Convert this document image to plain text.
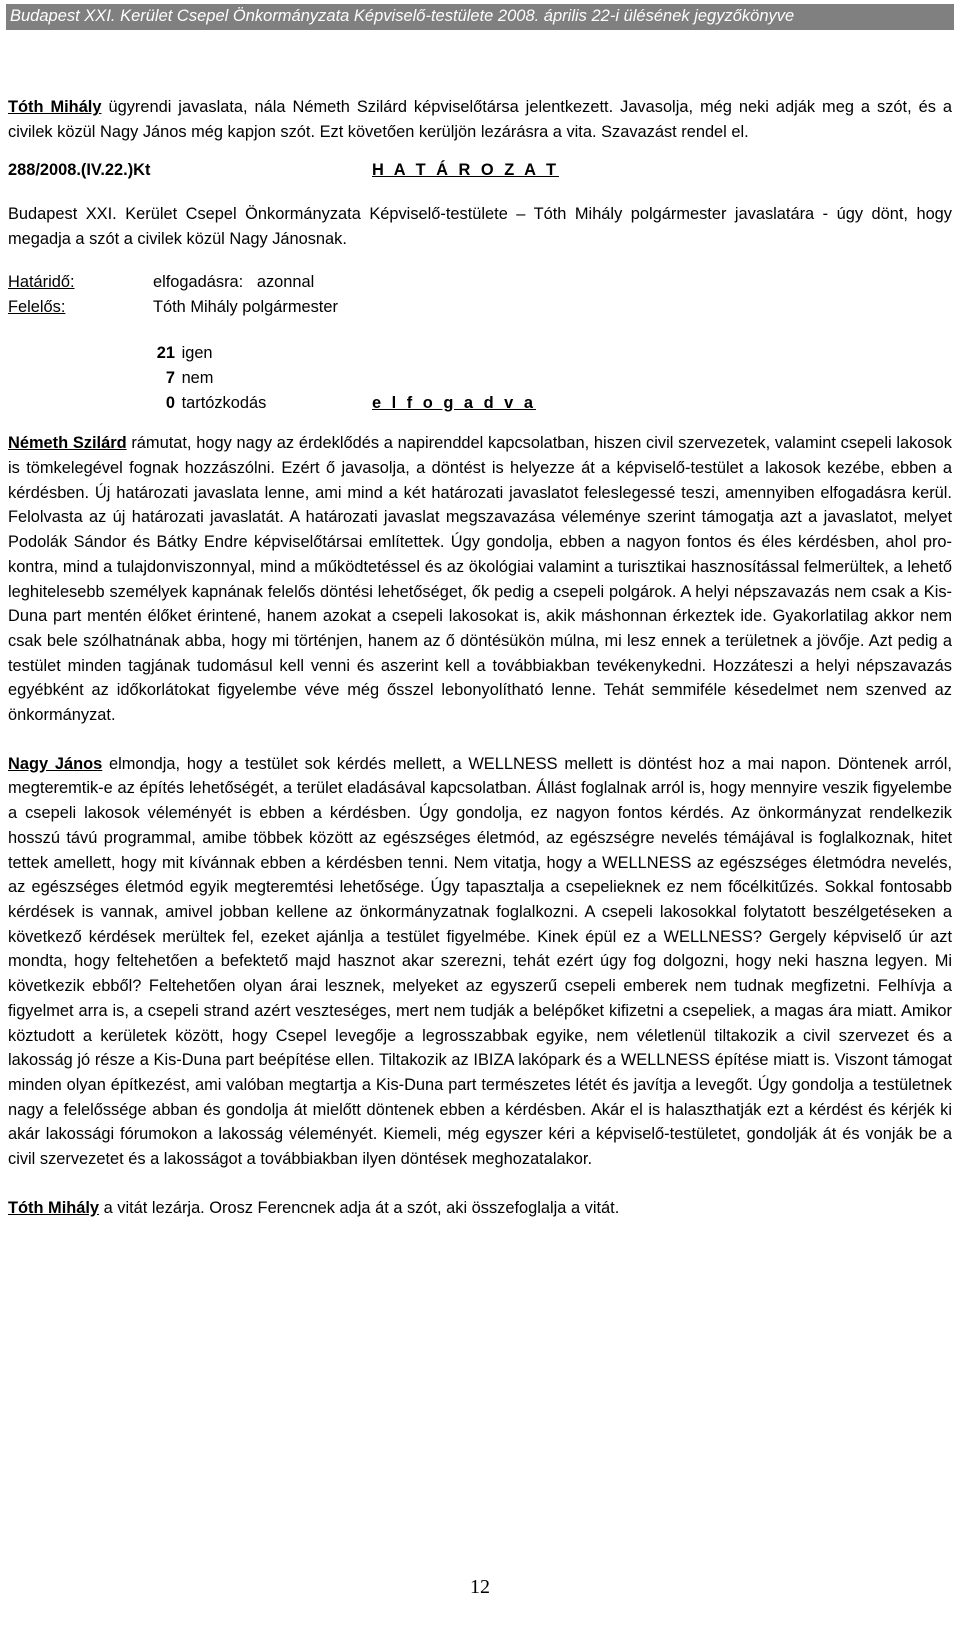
Budapest XXI. Kerület Csepel Önkormányzata Képviselő-testülete 2008. április 22-i ülésének jegyzőkönyve

Tóth Mihály ügyrendi javaslata, nála Németh Szilárd képviselőtársa jelentkezett. Javasolja, még neki adják meg a szót, és a civilek közül Nagy János még kapjon szót. Ezt követően kerüljön lezárásra a vita. Szavazást rendel el.

288/2008.(IV.22.)Kt	H A T Á R O Z A T

Budapest XXI. Kerület Csepel Önkormányzata Képviselő-testülete – Tóth Mihály polgármester javaslatára - úgy dönt, hogy megadja a szót a civilek közül Nagy Jánosnak.

Határidő:	elfogadásra:   azonnal
Felelős:	Tóth Mihály polgármester
21 igen
7 nem
0 tartózkodás	e l f o g a d v a

Németh Szilárd rámutat, hogy nagy az érdeklődés a napirenddel kapcsolatban, hiszen civil szervezetek, valamint csepeli lakosok is tömkelegével fognak hozzászólni. Ezért ő javasolja, a döntést is helyezze át a képviselő-testület a lakosok kezébe, ebben a kérdésben. Új határozati javaslata lenne, ami mind a két határozati javaslatot feleslegessé teszi, amennyiben elfogadásra kerül. Felolvasta az új határozati javaslatát. A határozati javaslat megszavazása véleménye szerint támogatja azt a javaslatot, melyet Podolák Sándor és Bátky Endre képviselőtársai említettek. Úgy gondolja, ebben a nagyon fontos és éles kérdésben, ahol pro-kontra, mind a tulajdonviszonnyal, mind a működtetéssel és az ökológiai valamint a turisztikai hasznosítással felmerültek, a lehető leghitelesebb személyek kapnának felelős döntési lehetőséget, ők pedig a csepeli polgárok. A helyi népszavazás nem csak a Kis-Duna part mentén élőket érintené, hanem azokat a csepeli lakosokat is, akik máshonnan érkeztek ide. Gyakorlatilag akkor nem csak bele szólhatnának abba, hogy mi történjen, hanem az ő döntésükön múlna, mi lesz ennek a területnek a jövője. Azt pedig a testület minden tagjának tudomásul kell venni és aszerint kell a továbbiakban tevékenykedni. Hozzáteszi a helyi népszavazás egyébként az időkorlátokat figyelembe véve még ősszel lebonyolítható lenne. Tehát semmiféle késedelmet nem szenved az önkormányzat.

Nagy János elmondja, hogy a testület sok kérdés mellett, a WELLNESS mellett is döntést hoz a mai napon. Döntenek arról, megteremtik-e az építés lehetőségét, a terület eladásával kapcsolatban. Állást foglalnak arról is, hogy mennyire veszik figyelembe a csepeli lakosok véleményét is ebben a kérdésben. Úgy gondolja, ez nagyon fontos kérdés. Az önkormányzat rendelkezik hosszú távú programmal, amibe többek között az egészséges életmód, az egészségre nevelés témájával is foglalkoznak, hitet tettek amellett, hogy mit kívánnak ebben a kérdésben tenni. Nem vitatja, hogy a WELLNESS az egészséges életmódra nevelés, az egészséges életmód egyik megteremtési lehetősége. Úgy tapasztalja a csepelieknek ez nem főcélkitűzés. Sokkal fontosabb kérdések is vannak, amivel jobban kellene az önkormányzatnak foglalkozni. A csepeli lakosokkal folytatott beszélgetéseken a következő kérdések merültek fel, ezeket ajánlja a testület figyelmébe. Kinek épül ez a WELLNESS? Gergely képviselő úr azt mondta, hogy feltehetően a befektető majd hasznot akar szerezni, tehát ezért úgy fog dolgozni, hogy neki haszna legyen. Mi következik ebből? Feltehetően olyan árai lesznek, melyeket az egyszerű csepeli emberek nem tudnak megfizetni. Felhívja a figyelmet arra is, a csepeli strand azért veszteséges, mert nem tudják a belépőket kifizetni a csepeliek, a magas ára miatt. Amikor köztudott a kerületek között, hogy Csepel levegője a legrosszabbak egyike, nem véletlenül tiltakozik a civil szervezet és a lakosság jó része a Kis-Duna part beépítése ellen. Tiltakozik az IBIZA lakópark és a WELLNESS építése miatt is. Viszont támogat minden olyan építkezést, ami valóban megtartja a Kis-Duna part természetes létét és javítja a levegőt. Úgy gondolja a testületnek nagy a felelőssége abban és gondolja át mielőtt döntenek ebben a kérdésben. Akár el is halaszthatják ezt a kérdést és kérjék ki akár lakossági fórumokon a lakosság véleményét. Kiemeli, még egyszer kéri a képviselő-testületet, gondolják át és vonják be a civil szervezetet és a lakosságot a továbbiakban ilyen döntések meghozatalakor.

Tóth Mihály a vitát lezárja. Orosz Ferencnek adja át a szót, aki összefoglalja a vitát.

12
